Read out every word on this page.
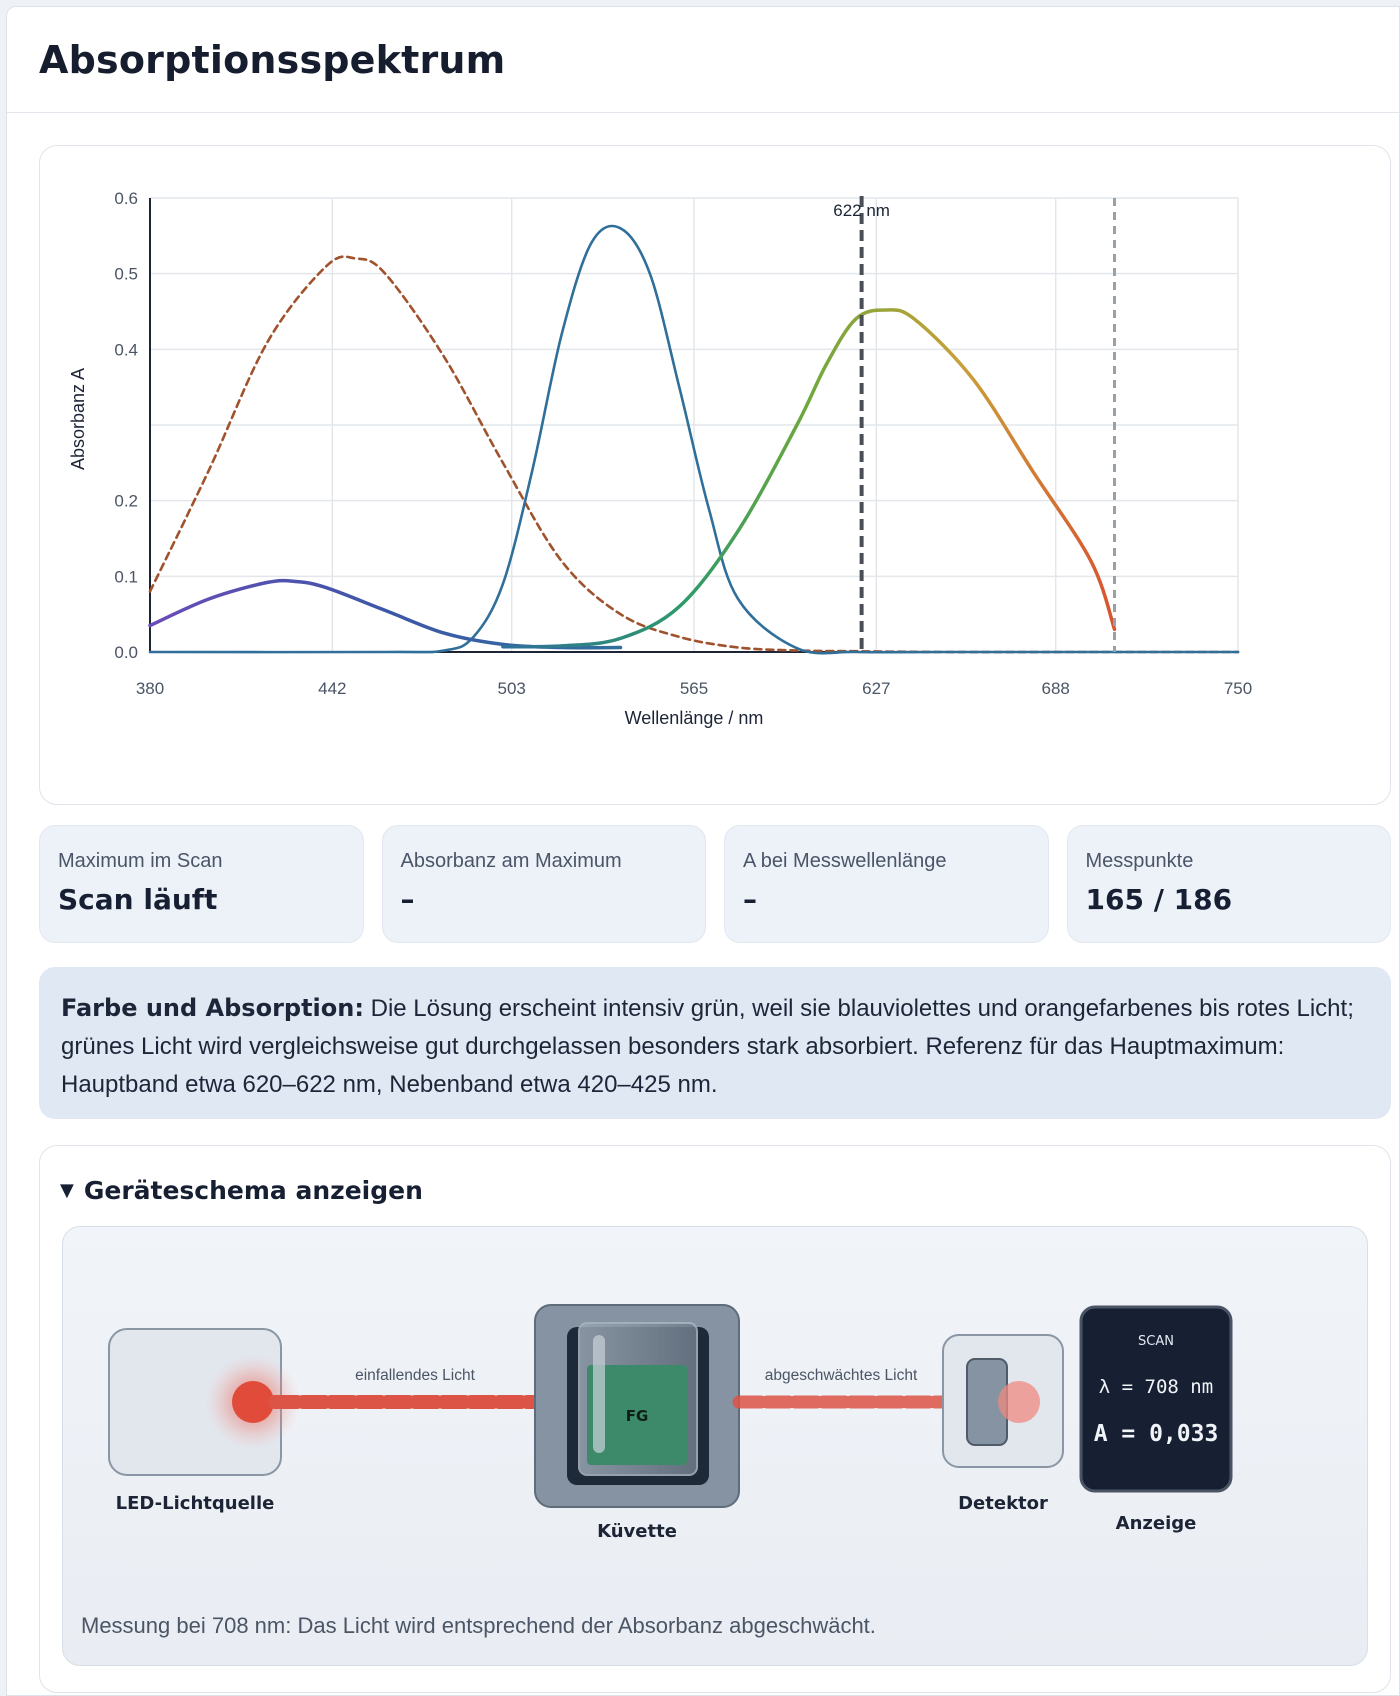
Absorptionsspektrum
380	442	503	565	627	688	750
0.0
0.1
0.2
0.4
0.5
0.6
Wellenlänge / nm
Absorbanz A
622 nm
Maximum im Scan
Scan läuft
Absorbanz am Maximum
–
A bei Messwellenlänge
–
Messpunkte
165 / 186
Farbe und Absorption: Die Lösung erscheint intensiv grün, weil sie blauviolettes und orangefarbenes bis rotes Licht; grünes Licht wird vergleichsweise gut durchgelassen besonders stark absorbiert. Referenz für das Hauptmaximum: Hauptband etwa 620–622 nm, Nebenband etwa 420–425 nm.
▼ Geräteschema anzeigen
LED-Lichtquelle
einfallendes Licht
FG
Küvette
abgeschwächtes Licht
Detektor
SCAN
λ = 708 nm
A = 0,033
Anzeige
Messung bei 708 nm: Das Licht wird entsprechend der Absorbanz abgeschwächt.
